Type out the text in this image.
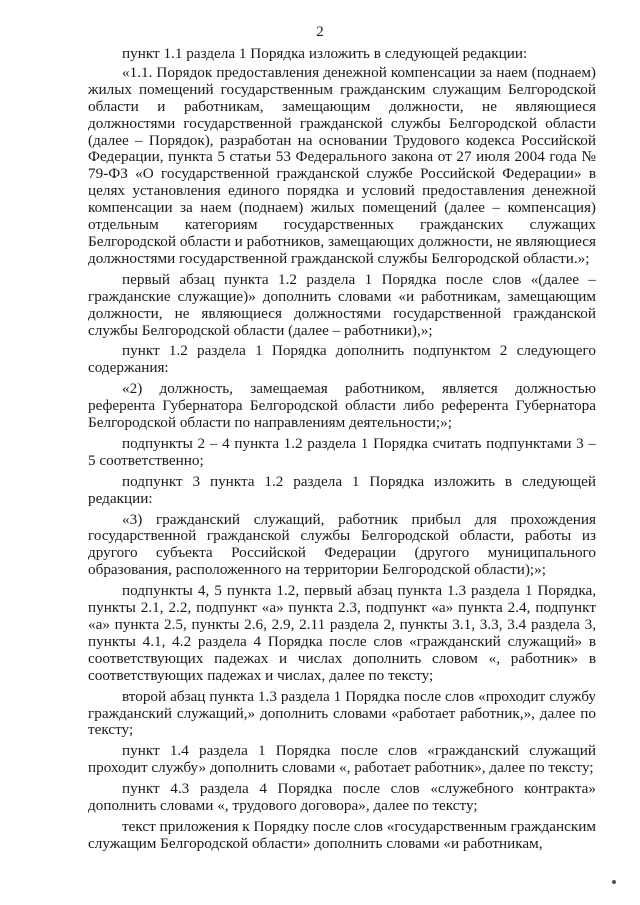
2

пункт 1.1 раздела 1 Порядка изложить в следующей редакции:

«1.1. Порядок предоставления денежной компенсации за наем (поднаем) жилых помещений государственным гражданским служащим Белгородской области и работникам, замещающим должности, не являющиеся должностями государственной гражданской службы Белгородской области (далее – Порядок), разработан на основании Трудового кодекса Российской Федерации, пункта 5 статьи 53 Федерального закона от 27 июля 2004 года № 79-ФЗ «О государственной гражданской службе Российской Федерации» в целях установления единого порядка и условий предоставления денежной компенсации за наем (поднаем) жилых помещений (далее – компенсация) отдельным категориям государственных гражданских служащих Белгородской области и работников, замещающих должности, не являющиеся должностями государственной гражданской службы Белгородской области.»;

первый абзац пункта 1.2 раздела 1 Порядка после слов «(далее – гражданские служащие)» дополнить словами «и работникам, замещающим должности, не являющиеся должностями государственной гражданской службы Белгородской области (далее – работники),»;

пункт 1.2 раздела 1 Порядка дополнить подпунктом 2 следующего содержания:

«2) должность, замещаемая работником, является должностью референта Губернатора Белгородской области либо референта Губернатора Белгородской области по направлениям деятельности;»;

подпункты 2 – 4 пункта 1.2 раздела 1 Порядка считать подпунктами 3 – 5 соответственно;

подпункт 3 пункта 1.2 раздела 1 Порядка изложить в следующей редакции:

«3) гражданский служащий, работник прибыл для прохождения государственной гражданской службы Белгородской области, работы из другого субъекта Российской Федерации (другого муниципального образования, расположенного на территории Белгородской области);»;

подпункты 4, 5 пункта 1.2, первый абзац пункта 1.3 раздела 1 Порядка, пункты 2.1, 2.2, подпункт «а» пункта 2.3, подпункт «а» пункта 2.4, подпункт «а» пункта 2.5, пункты 2.6, 2.9, 2.11 раздела 2, пункты 3.1, 3.3, 3.4 раздела 3, пункты 4.1, 4.2 раздела 4 Порядка после слов «гражданский служащий» в соответствующих падежах и числах дополнить словом «, работник» в соответствующих падежах и числах, далее по тексту;

второй абзац пункта 1.3 раздела 1 Порядка после слов «проходит службу гражданский служащий,» дополнить словами «работает работник,», далее по тексту;

пункт 1.4 раздела 1 Порядка после слов «гражданский служащий проходит службу» дополнить словами «, работает работник», далее по тексту;

пункт 4.3 раздела 4 Порядка после слов «служебного контракта» дополнить словами «, трудового договора», далее по тексту;

текст приложения к Порядку после слов «государственным гражданским служащим Белгородской области» дополнить словами «и работникам,
